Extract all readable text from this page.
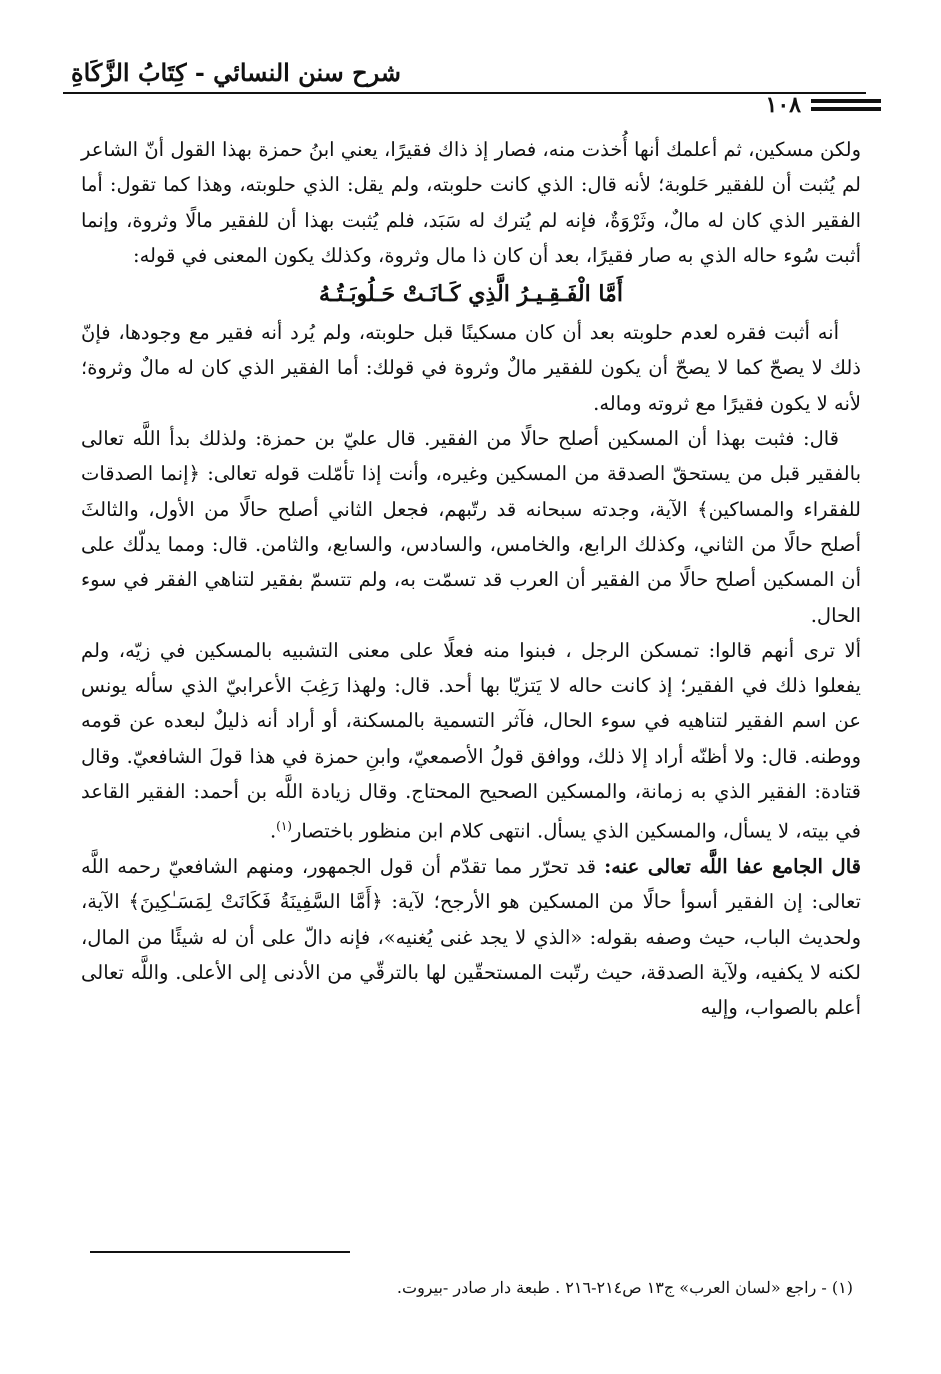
شرح سنن النسائي - كِتَابُ الزَّكَاةِ
١٠٨

ولكن مسكين، ثم أعلمك أنها أُخذت منه، فصار إذ ذاك فقيرًا، يعني ابنُ حمزة بهذا القول أنّ الشاعر لم يُثبت أن للفقير حَلوبة؛ لأنه قال: الذي كانت حلوبته، ولم يقل: الذي حلوبته، وهذا كما تقول: أما الفقير الذي كان له مالٌ، وثَرْوَةٌ، فإنه لم يُترك له سَبَد، فلم يُثبت بهذا أن للفقير مالًا وثروة، وإنما أثبت سُوء حاله الذي به صار فقيرًا، بعد أن كان ذا مال وثروة، وكذلك يكون المعنى في قوله:

أَمَّا الْفَـقِـيـرُ الَّذِي كَـانَـتْ حَـلُوبَـتُـهُ

أنه أثبت فقره لعدم حلوبته بعد أن كان مسكينًا قبل حلوبته، ولم يُرد أنه فقير مع وجودها، فإنّ ذلك لا يصحّ كما لا يصحّ أن يكون للفقير مالٌ وثروة في قولك: أما الفقير الذي كان له مالٌ وثروة؛ لأنه لا يكون فقيرًا مع ثروته وماله.

قال: فثبت بهذا أن المسكين أصلح حالًا من الفقير. قال عليّ بن حمزة: ولذلك بدأ اللَّه تعالى بالفقير قبل من يستحقّ الصدقة من المسكين وغيره، وأنت إذا تأمّلت قوله تعالى: ﴿إنما الصدقات للفقراء والمساكين﴾ الآية، وجدته سبحانه قد رتّبهم، فجعل الثاني أصلح حالًا من الأول، والثالثَ أصلح حالًا من الثاني، وكذلك الرابع، والخامس، والسادس، والسابع، والثامن. قال: ومما يدلّك على أن المسكين أصلح حالًا من الفقير أن العرب قد تسمّت به، ولم تتسمّ بفقير لتناهي الفقر في سوء الحال.

ألا ترى أنهم قالوا: تمسكن الرجل ، فبنوا منه فعلًا على معنى التشبيه بالمسكين في زيّه، ولم يفعلوا ذلك في الفقير؛ إذ كانت حاله لا يَتزيّا بها أحد. قال: ولهذا رَغِبَ الأعرابيّ الذي سأله يونس عن اسم الفقير لتناهيه في سوء الحال، فآثر التسمية بالمسكنة، أو أراد أنه ذليلٌ لبعده عن قومه ووطنه. قال: ولا أظنّه أراد إلا ذلك، ووافق قولُ الأصمعيّ، وابنِ حمزة في هذا قولَ الشافعيّ. وقال قتادة: الفقير الذي به زمانة، والمسكين الصحيح المحتاج. وقال زيادة اللَّه بن أحمد: الفقير القاعد في بيته، لا يسأل، والمسكين الذي يسأل. انتهى كلام ابن منظور باختصار$^{(١)}$.

قال الجامع عفا اللَّه تعالى عنه: قد تحرّر مما تقدّم أن قول الجمهور، ومنهم الشافعيّ رحمه اللَّه تعالى: إن الفقير أسوأ حالًا من المسكين هو الأرجح؛ لآية: ﴿أَمَّا السَّفِينَةُ فَكَانَتْ لِمَسَـٰكِينَ﴾ الآية، ولحديث الباب، حيث وصفه بقوله: «الذي لا يجد غنى يُغنيه»، فإنه دالّ على أن له شيئًا من المال، لكنه لا يكفيه، ولآية الصدقة، حيث رتّبت المستحقّين لها بالترقّي من الأدنى إلى الأعلى. واللَّه تعالى أعلم بالصواب، وإليه

(١) - راجع «لسان العرب» ج١٣ ص٢١٤-٢١٦ . طبعة دار صادر -بيروت.
